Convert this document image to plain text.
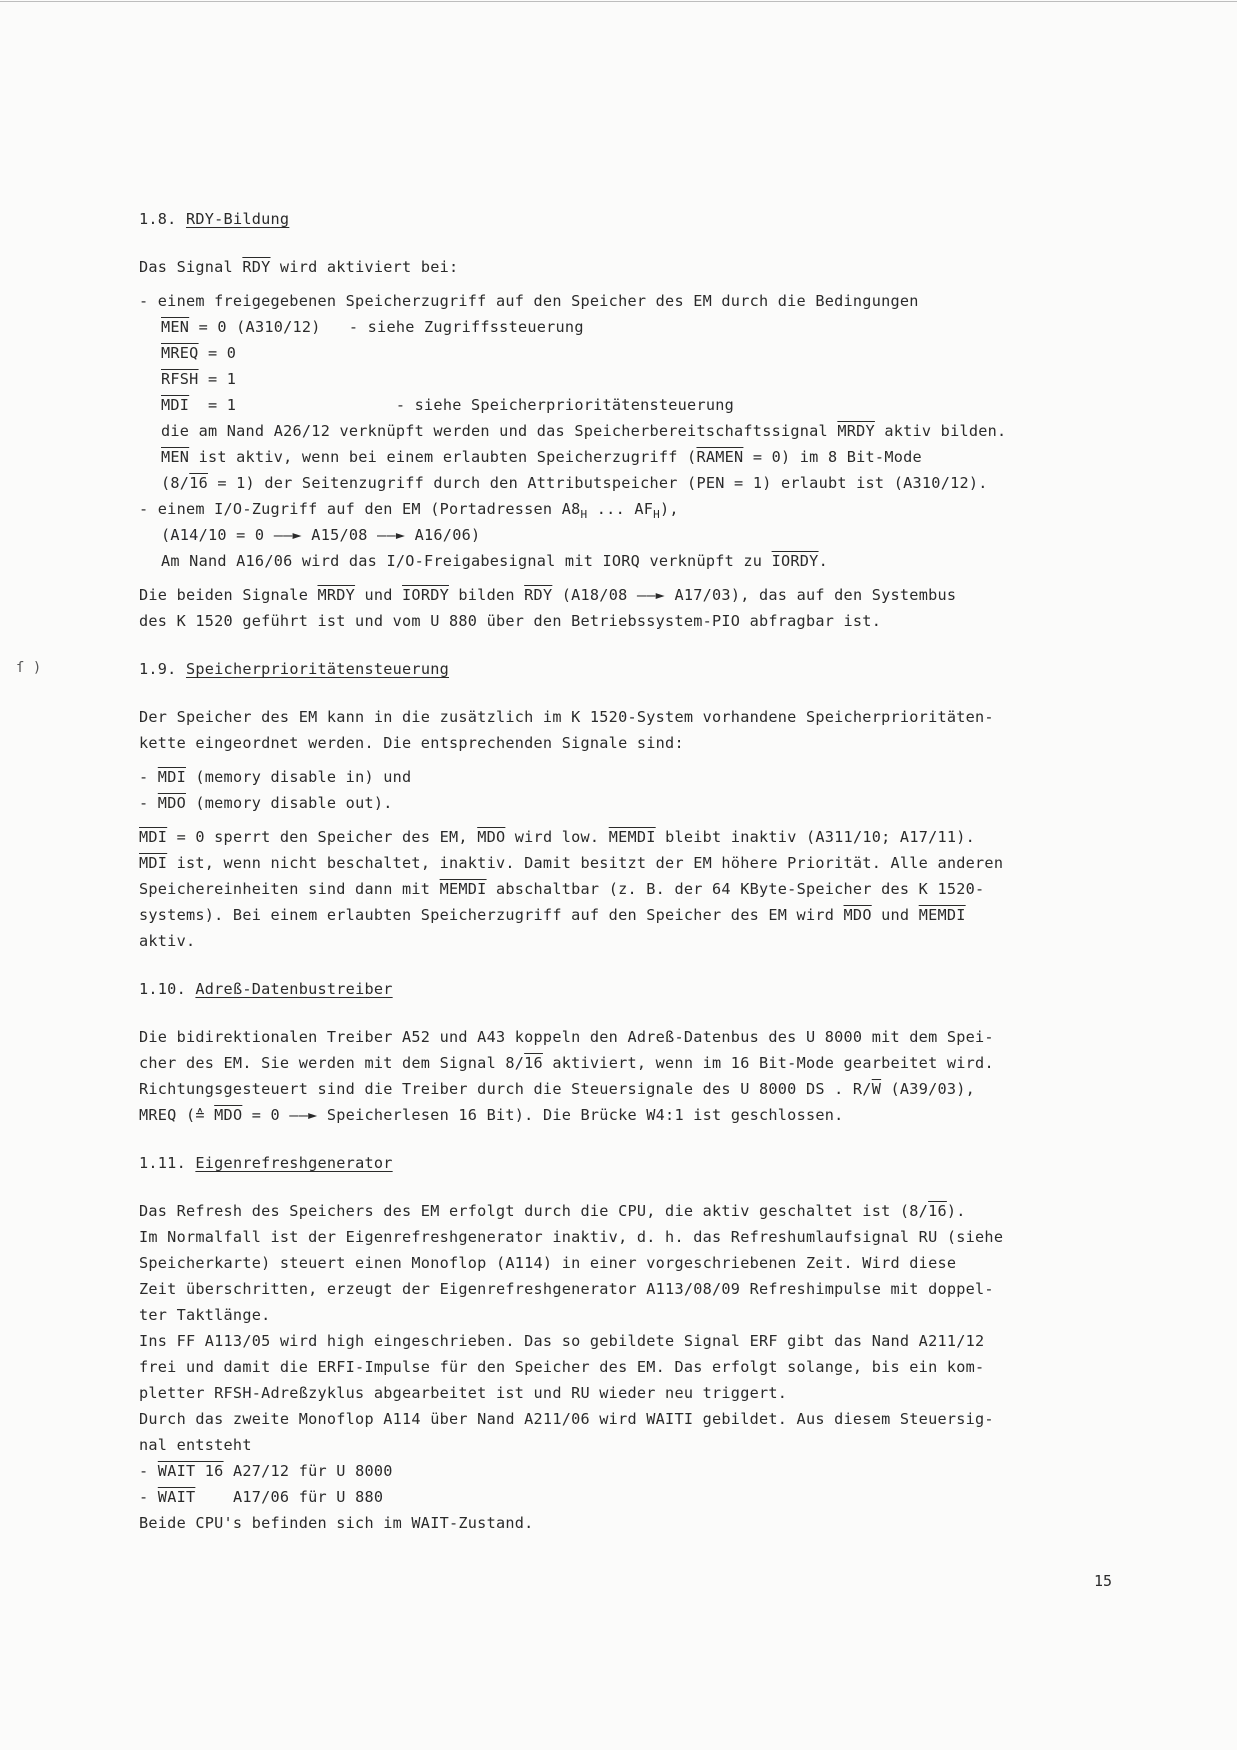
ſ )
1.8. RDY-Bildung
Das Signal $\overline{RDY}$ wird aktiviert bei:
- einem freigegebenen Speicherzugriff auf den Speicher des EM durch die Bedingungen
$\overline{MEN} = 0$ (A310/12)   - siehe Zugriffssteuerung
MREQ = 0
RFSH = 1
$\overline{MDI} = 1$                 - siehe Speicherprioritätensteuerung
die am Nand A26/12 verknüpft werden und das Speicherbereitschaftssignal MRDY aktiv bilden.
$\overline{MEN}$ ist aktiv, wenn bei einem erlaubten Speicherzugriff (RAMEN = 0) im 8 Bit-Mode
(8/16 = 1) der Seitenzugriff durch den Attributspeicher (PEN = 1) erlaubt ist (A310/12).
- einem I/O-Zugriff auf den EM (Portadressen $A8_H$ ... $AF_H$),
(A14/10 = 0 ——► A15/08 ——► A16/06)
Am Nand A16/06 wird das I/O-Freigabesignal mit IORQ verknüpft zu IORDY.
Die beiden Signale MRDY und IORDY bilden $\overline{RDY}$ (A18/08 ——► A17/03), das auf den Systembus
des K 1520 geführt ist und vom U 880 über den Betriebssystem-PIO abfragbar ist.
1.9. Speicherprioritätensteuerung
Der Speicher des EM kann in die zusätzlich im K 1520-System vorhandene Speicherprioritäten-
kette eingeordnet werden. Die entsprechenden Signale sind:
- $\overline{MDI}$ (memory disable in) und
- $\overline{MDO}$ (memory disable out).
$\overline{MDI} = 0$ sperrt den Speicher des EM, $\overline{MDO}$ wird low. MEMDI bleibt inaktiv (A311/10; A17/11).
$\overline{MDI}$ ist, wenn nicht beschaltet, inaktiv. Damit besitzt der EM höhere Priorität. Alle anderen
Speichereinheiten sind dann mit MEMDI abschaltbar (z. B. der 64 KByte-Speicher des K 1520-
systems). Bei einem erlaubten Speicherzugriff auf den Speicher des EM wird $\overline{MDO}$ und MEMDI
aktiv.
1.10. Adreß-Datenbustreiber
Die bidirektionalen Treiber A52 und A43 koppeln den Adreß-Datenbus des U 8000 mit dem Spei-
cher des EM. Sie werden mit dem Signal 8/16 aktiviert, wenn im 16 Bit-Mode gearbeitet wird.
Richtungsgesteuert sind die Treiber durch die Steuersignale des U 8000 DS . $R/\overline{W}$ (A39/03),
MREQ (≙ $\overline{MDO} = 0$ ——► Speicherlesen 16 Bit). Die Brücke W4:1 ist geschlossen.
1.11. Eigenrefreshgenerator
Das Refresh des Speichers des EM erfolgt durch die CPU, die aktiv geschaltet ist (8/16).
Im Normalfall ist der Eigenrefreshgenerator inaktiv, d. h. das Refreshumlaufsignal RU (siehe
Speicherkarte) steuert einen Monoflop (A114) in einer vorgeschriebenen Zeit. Wird diese
Zeit überschritten, erzeugt der Eigenrefreshgenerator A113/08/09 Refreshimpulse mit doppel-
ter Taktlänge.
Ins FF A113/05 wird high eingeschrieben. Das so gebildete Signal ERF gibt das Nand A211/12
frei und damit die ERFI-Impulse für den Speicher des EM. Das erfolgt solange, bis ein kom-
pletter RFSH-Adreßzyklus abgearbeitet ist und RU wieder neu triggert.
Durch das zweite Monoflop A114 über Nand A211/06 wird WAITI gebildet. Aus diesem Steuersig-
nal entsteht
- WAIT 16 A27/12 für U 8000
- WAIT    A17/06 für U 880
Beide CPU's befinden sich im WAIT-Zustand.
15
